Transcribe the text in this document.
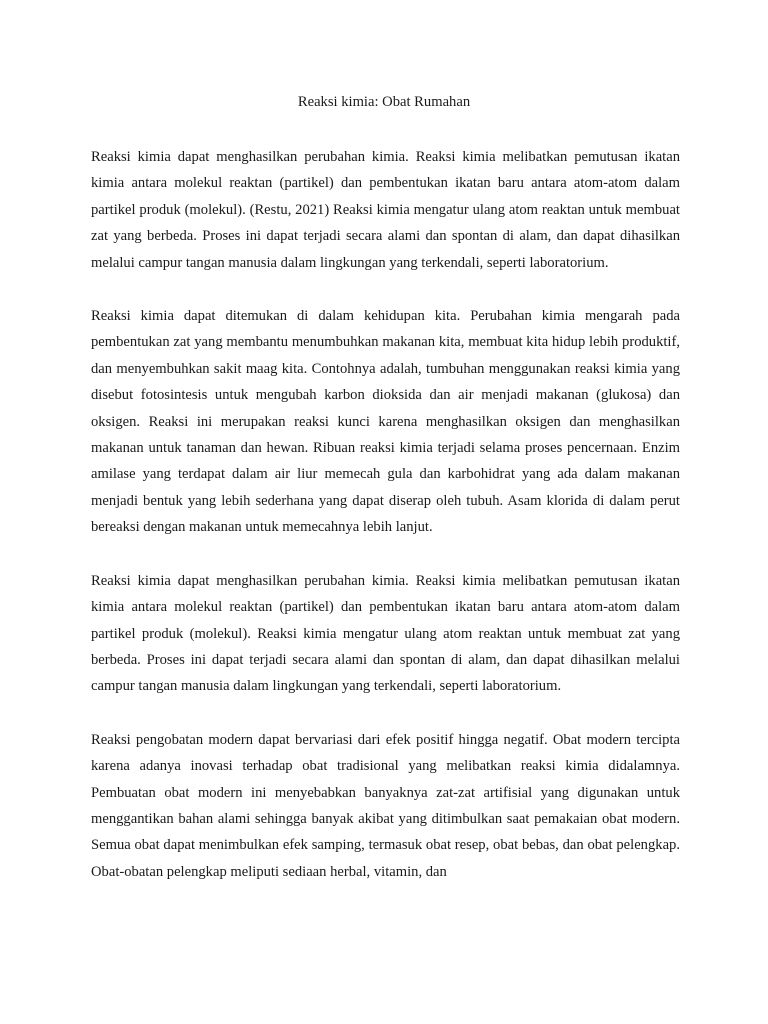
Reaksi kimia: Obat Rumahan

Reaksi kimia dapat menghasilkan perubahan kimia. Reaksi kimia melibatkan pemutusan ikatan kimia antara molekul reaktan (partikel) dan pembentukan ikatan baru antara atom-atom dalam partikel produk (molekul). (Restu, 2021) Reaksi kimia mengatur ulang atom reaktan untuk membuat zat yang berbeda. Proses ini dapat terjadi secara alami dan spontan di alam, dan dapat dihasilkan melalui campur tangan manusia dalam lingkungan yang terkendali, seperti laboratorium.

Reaksi kimia dapat ditemukan di dalam kehidupan kita. Perubahan kimia mengarah pada pembentukan zat yang membantu menumbuhkan makanan kita, membuat kita hidup lebih produktif, dan menyembuhkan sakit maag kita. Contohnya adalah, tumbuhan menggunakan reaksi kimia yang disebut fotosintesis untuk mengubah karbon dioksida dan air menjadi makanan (glukosa) dan oksigen. Reaksi ini merupakan reaksi kunci karena menghasilkan oksigen dan menghasilkan makanan untuk tanaman dan hewan. Ribuan reaksi kimia terjadi selama proses pencernaan. Enzim amilase yang terdapat dalam air liur memecah gula dan karbohidrat yang ada dalam makanan menjadi bentuk yang lebih sederhana yang dapat diserap oleh tubuh. Asam klorida di dalam perut bereaksi dengan makanan untuk memecahnya lebih lanjut.

Reaksi kimia dapat menghasilkan perubahan kimia. Reaksi kimia melibatkan pemutusan ikatan kimia antara molekul reaktan (partikel) dan pembentukan ikatan baru antara atom-atom dalam partikel produk (molekul). Reaksi kimia mengatur ulang atom reaktan untuk membuat zat yang berbeda. Proses ini dapat terjadi secara alami dan spontan di alam, dan dapat dihasilkan melalui campur tangan manusia dalam lingkungan yang terkendali, seperti laboratorium.

Reaksi pengobatan modern dapat bervariasi dari efek positif hingga negatif. Obat modern tercipta karena adanya inovasi terhadap obat tradisional yang melibatkan reaksi kimia didalamnya. Pembuatan obat modern ini menyebabkan banyaknya zat-zat artifisial yang digunakan untuk menggantikan bahan alami sehingga banyak akibat yang ditimbulkan saat pemakaian obat modern. Semua obat dapat menimbulkan efek samping, termasuk obat resep, obat bebas, dan obat pelengkap. Obat-obatan pelengkap meliputi sediaan herbal, vitamin, dan
